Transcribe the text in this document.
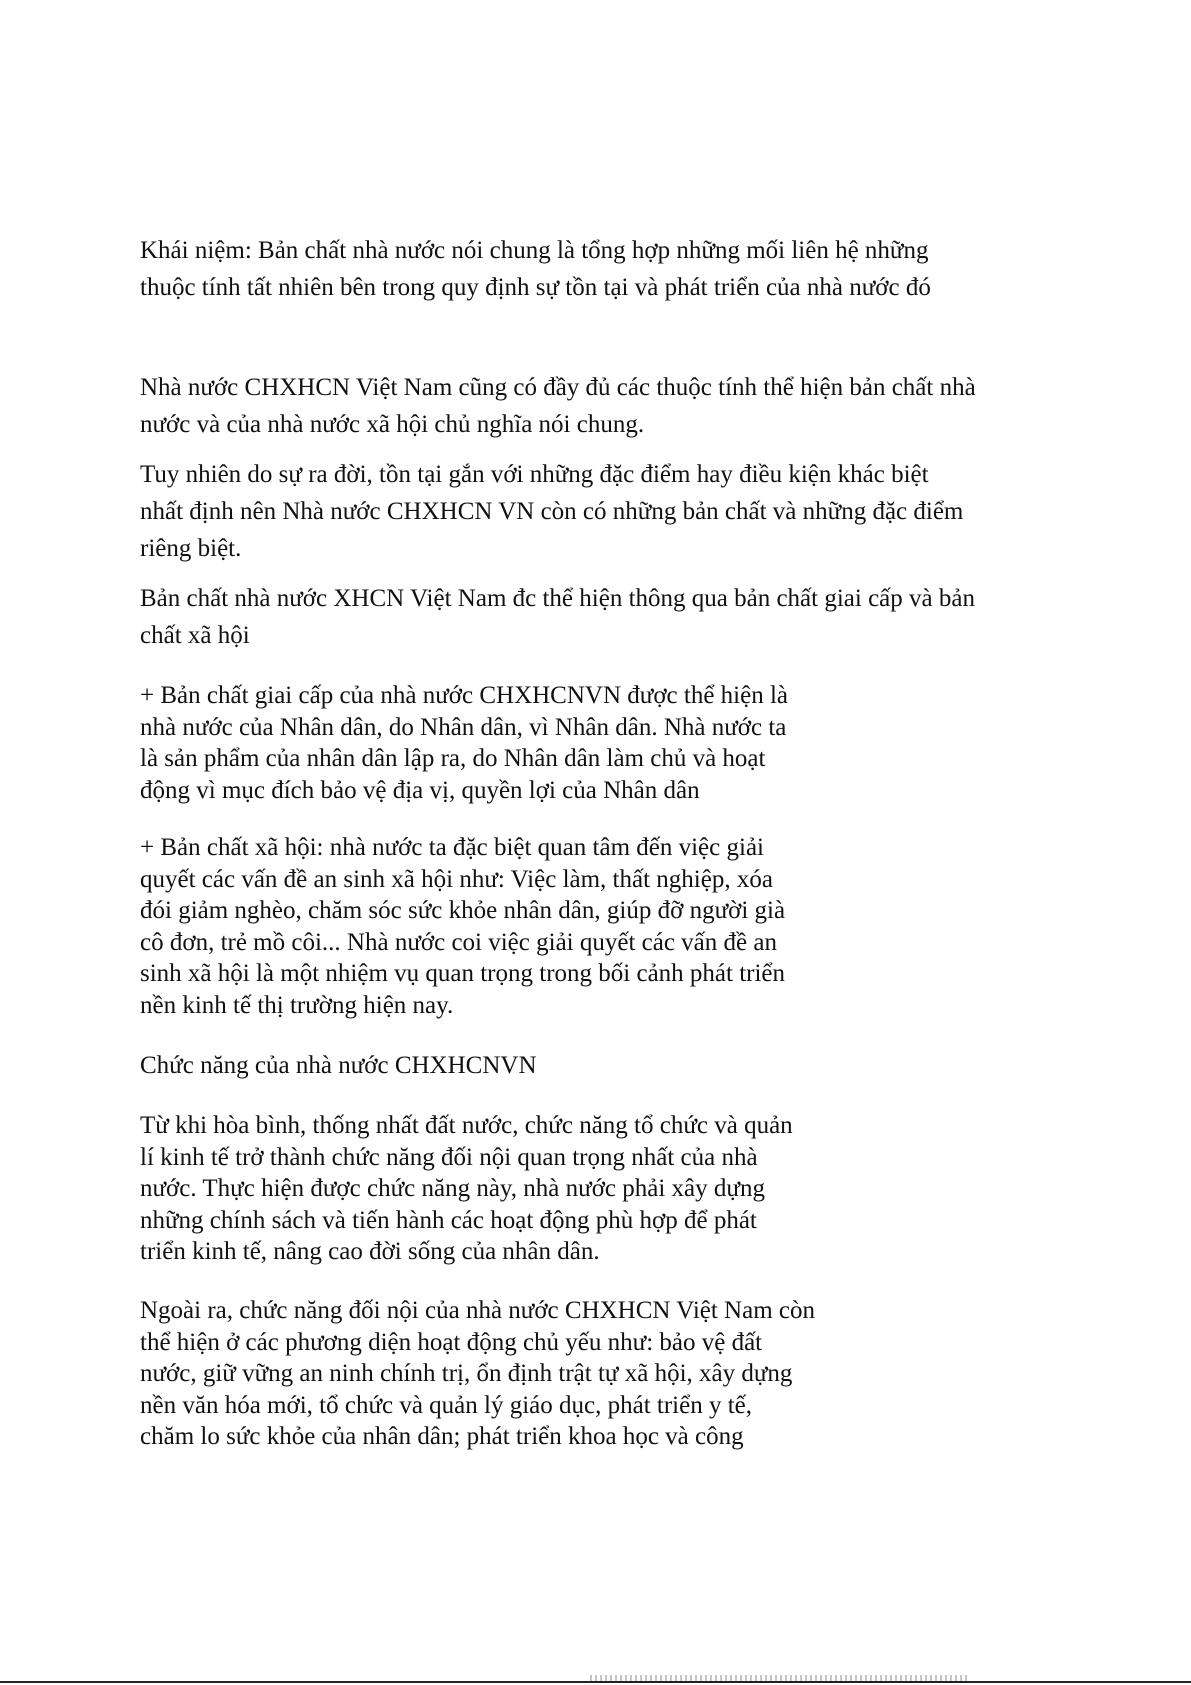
Khái niệm: Bản chất nhà nước nói chung là tổng hợp những mối liên hệ những
thuộc tính tất nhiên bên trong quy định sự tồn tại và phát triển của nhà nước đó

Nhà nước CHXHCN Việt Nam cũng có đầy đủ các thuộc tính thể hiện bản chất nhà
nước và của nhà nước xã hội chủ nghĩa nói chung.

Tuy nhiên do sự ra đời, tồn tại gắn với những đặc điểm hay điều kiện khác biệt
nhất định nên Nhà nước CHXHCN VN còn có những bản chất và những đặc điểm
riêng biệt.

Bản chất nhà nước XHCN Việt Nam đc thể hiện thông qua bản chất giai cấp và bản
chất xã hội

+ Bản chất giai cấp của nhà nước CHXHCNVN được thể hiện là
nhà nước của Nhân dân, do Nhân dân, vì Nhân dân. Nhà nước ta
là sản phẩm của nhân dân lập ra, do Nhân dân làm chủ và hoạt
động vì mục đích bảo vệ địa vị, quyền lợi của Nhân dân

+ Bản chất xã hội: nhà nước ta đặc biệt quan tâm đến việc giải
quyết các vấn đề an sinh xã hội như: Việc làm, thất nghiệp, xóa
đói giảm nghèo, chăm sóc sức khỏe nhân dân, giúp đỡ người già
cô đơn, trẻ mồ côi... Nhà nước coi việc giải quyết các vấn đề an
sinh xã hội là một nhiệm vụ quan trọng trong bối cảnh phát triển
nền kinh tế thị trường hiện nay.

Chức năng của nhà nước CHXHCNVN

Từ khi hòa bình, thống nhất đất nước, chức năng tổ chức và quản
lí kinh tế trở thành chức năng đối nội quan trọng nhất của nhà
nước. Thực hiện được chức năng này, nhà nước phải xây dựng
những chính sách và tiến hành các hoạt động phù hợp để phát
triển kinh tế, nâng cao đời sống của nhân dân.

Ngoài ra, chức năng đối nội của nhà nước CHXHCN Việt Nam còn
thể hiện ở các phương diện hoạt động chủ yếu như: bảo vệ đất
nước, giữ vững an ninh chính trị, ổn định trật tự xã hội, xây dựng
nền văn hóa mới, tổ chức và quản lý giáo dục, phát triển y tế,
chăm lo sức khỏe của nhân dân; phát triển khoa học và công
